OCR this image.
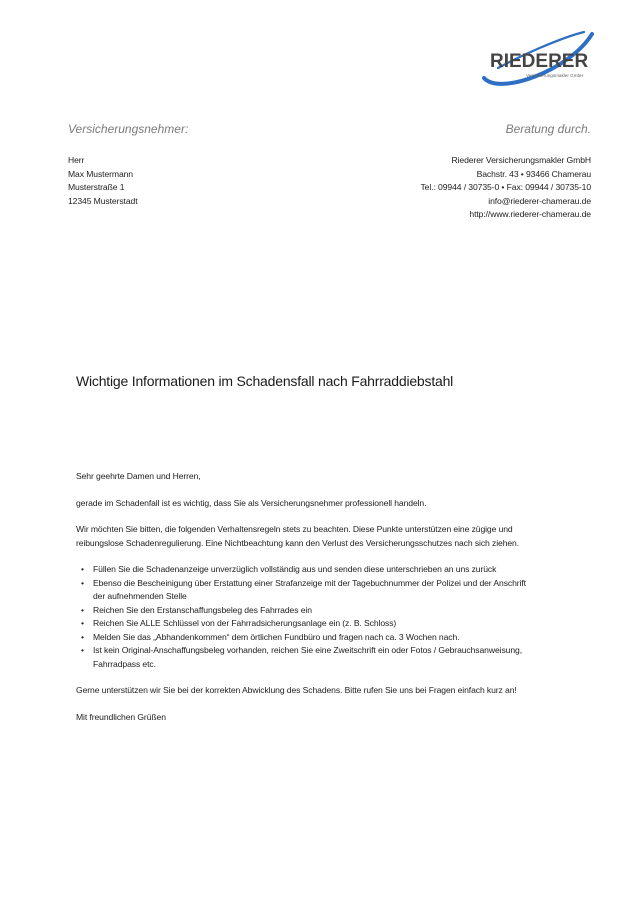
RIEDERER
Versicherungsmakler GmbH
Versicherungsnehmer:	Beratung durch.
Herr
Max Mustermann
Musterstraße 1
12345 Musterstadt
Riederer Versicherungsmakler GmbH
Bachstr. 43 • 93466 Chamerau
Tel.: 09944 / 30735-0 • Fax: 09944 / 30735-10
info@riederer-chamerau.de
http://www.riederer-chamerau.de
Wichtige Informationen im Schadensfall nach Fahrraddiebstahl

Sehr geehrte Damen und Herren,

gerade im Schadenfall ist es wichtig, dass Sie als Versicherungsnehmer professionell handeln.

Wir möchten Sie bitten, die folgenden Verhaltensregeln stets zu beachten. Diese Punkte unterstützen eine zügige und

reibungslose Schadenregulierung. Eine Nichtbeachtung kann den Verlust des Versicherungsschutzes nach sich ziehen.

• Füllen Sie die Schadenanzeige unverzüglich vollständig aus und senden diese unterschrieben an uns zurück
• Ebenso die Bescheinigung über Erstattung einer Strafanzeige mit der Tagebuchnummer der Polizei und der Anschrift
der aufnehmenden Stelle
• Reichen Sie den Erstanschaffungsbeleg des Fahrrades ein
• Reichen Sie ALLE Schlüssel von der Fahrradsicherungsanlage ein (z. B. Schloss)
• Melden Sie das „Abhandenkommen“ dem örtlichen Fundbüro und fragen nach ca. 3 Wochen nach.
• Ist kein Original-Anschaffungsbeleg vorhanden, reichen Sie eine Zweitschrift ein oder Fotos / Gebrauchsanweisung,
Fahrradpass etc.

Gerne unterstützen wir Sie bei der korrekten Abwicklung des Schadens. Bitte rufen Sie uns bei Fragen einfach kurz an!

Mit freundlichen Grüßen
